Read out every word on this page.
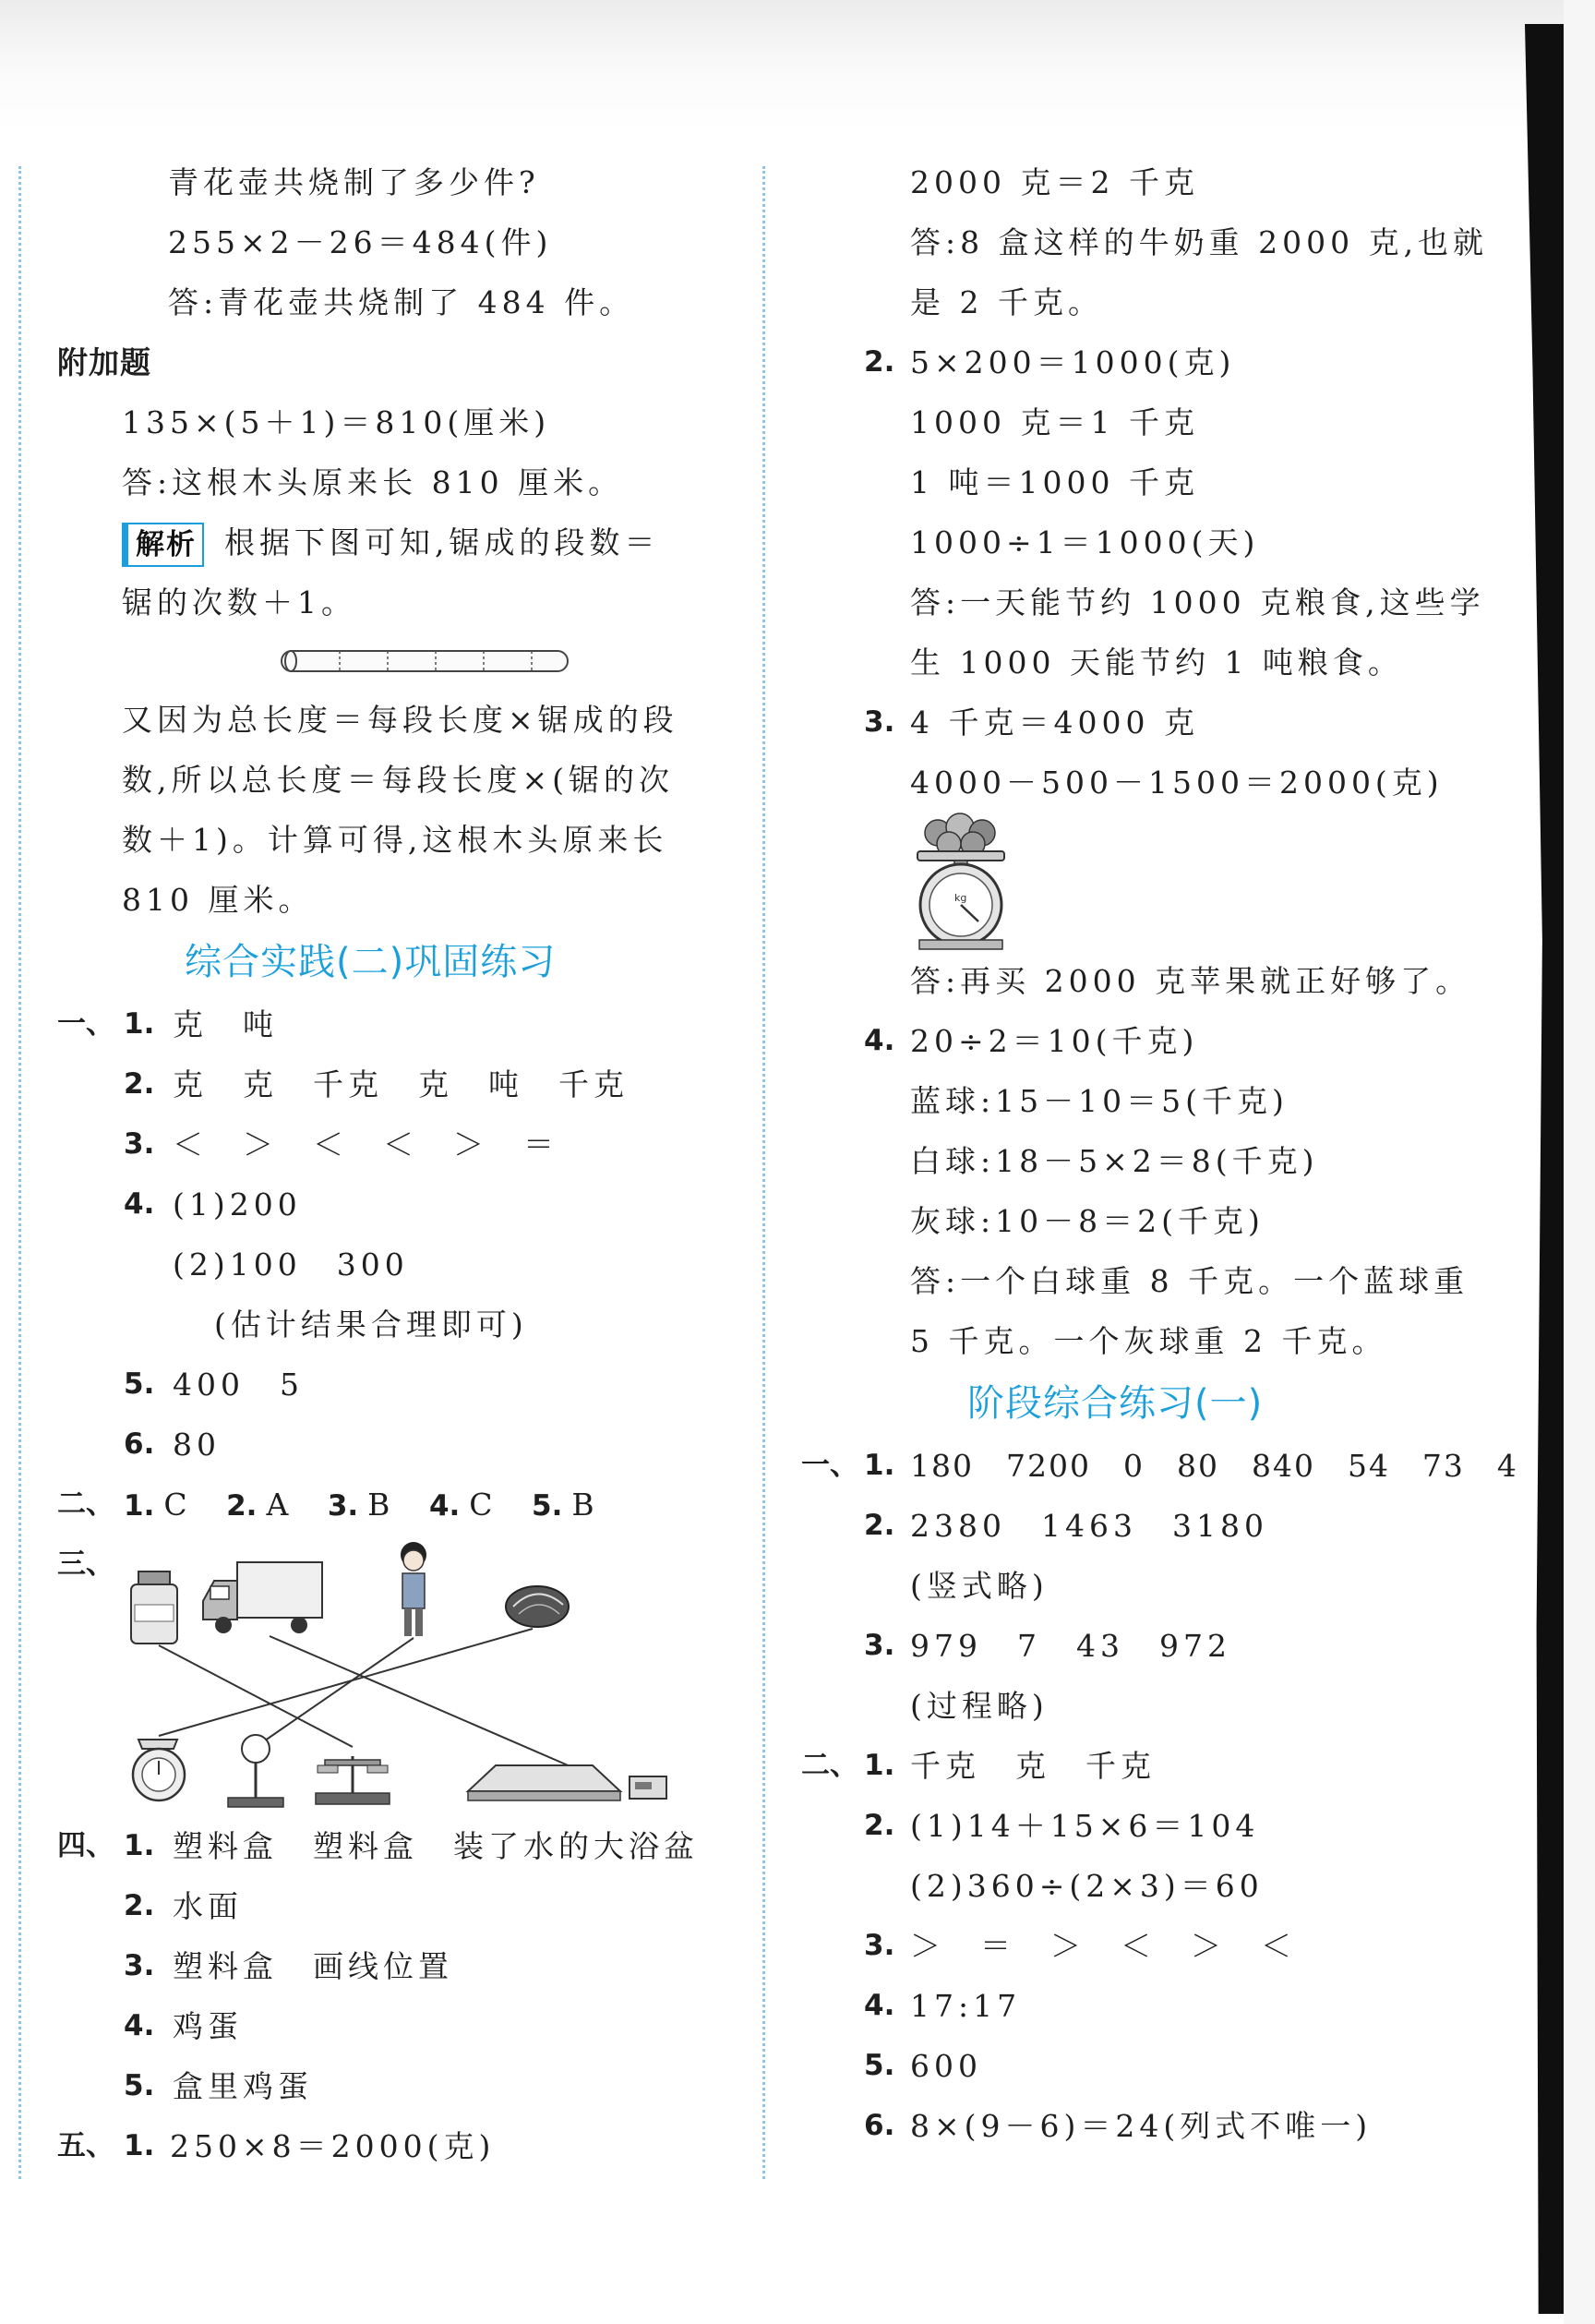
青花壶共烧制了多少件?
255×2－26＝484(件)
答:青花壶共烧制了 484 件。
附加题
135×(5＋1)＝810(厘米)
答:这根木头原来长 810 厘米。
解析 根据下图可知,锯成的段数＝
锯的次数＋1。
又因为总长度＝每段长度×锯成的段
数,所以总长度＝每段长度×(锯的次
数＋1)。计算可得,这根木头原来长
810 厘米。
综合实践(二)巩固练习
一、 1. 克　吨
2. 克　克　千克　克　吨　千克
3. ＜　＞　＜　＜　＞　＝
4. (1)200
(2)100　300
(估计结果合理即可)
5. 400　5
6. 80
二、 1. C 2. A 3. B 4. C 5. B
三、
四、 1. 塑料盒　塑料盒　装了水的大浴盆
2. 水面
3. 塑料盒　画线位置
4. 鸡蛋
5. 盒里鸡蛋
五、 1. 250×8＝2000(克)
2000 克＝2 千克
答:8 盒这样的牛奶重 2000 克,也就
是 2 千克。
2. 5×200＝1000(克)
1000 克＝1 千克
1 吨＝1000 千克
1000÷1＝1000(天)
答:一天能节约 1000 克粮食,这些学
生 1000 天能节约 1 吨粮食。
3. 4 千克＝4000 克
4000－500－1500＝2000(克)
kg
答:再买 2000 克苹果就正好够了。
4. 20÷2＝10(千克)
蓝球:15－10＝5(千克)
白球:18－5×2＝8(千克)
灰球:10－8＝2(千克)
答:一个白球重 8 千克。一个蓝球重
5 千克。一个灰球重 2 千克。
阶段综合练习(一)
一、 1. 180　7200　0　80　840　54　73　4
2. 2380　1463　3180
(竖式略)
3. 979　7　43　972
(过程略)
二、 1. 千克　克　千克
2. (1)14＋15×6＝104
(2)360÷(2×3)＝60
3. ＞　＝　＞　＜　＞　＜
4. 17:17
5. 600
6. 8×(9－6)＝24(列式不唯一)
